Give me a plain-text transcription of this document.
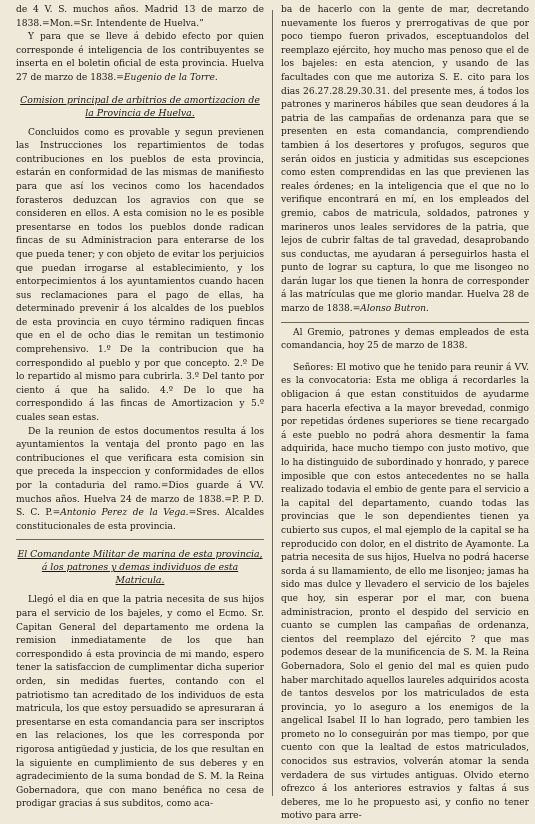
de 4 V. S. muchos años. Madrid 13 de marzo de 1838.=Mon.=Sr. Intendente de Huelva.”

Y para que se lleve á debido efecto por quien corresponde é inteligencia de los contribuyentes se inserta en el boletin oficial de esta provincia. Huelva 27 de marzo de 1838.=Eugenio de la Torre.

Comision principal de arbitrios de amortizacion de la Provincia de Huelva.

Concluidos como es provable y segun previenen las Instrucciones los repartimientos de todas contribuciones en los pueblos de esta provincia, estarán en conformidad de las mismas de manifiesto para que así los vecinos como los hacendados forasteros deduzcan los agravios con que se consideren en ellos. A esta comision no le es posible presentarse en todos los pueblos donde radican fincas de su Administracion para enterarse de los que pueda tener; y con objeto de evitar los perjuicios que puedan irrogarse al establecimiento, y los entorpecimientos á los ayuntamientos cuando hacen sus reclamaciones para el pago de ellas, ha determinado prevenir á los alcaldes de los pueblos de esta provincia en cuyo término radiquen fincas que en el de ocho dias le remitan un testimonio comprehensivo. 1.º De la contribucion que ha correspondido al pueblo y por que concepto. 2.º De lo repartido al mismo para cubrirla. 3.º Del tanto por ciento á que ha salido. 4.º De lo que ha correspondido á las fincas de Amortizacion y 5.º cuales sean estas.

De la reunion de estos documentos resulta á los ayuntamientos la ventaja del pronto pago en las contribuciones el que verificara esta comision sin que preceda la inspeccion y conformidades de ellos por la contaduria del ramo.=Dios guarde á VV. muchos años. Huelva 24 de marzo de 1838.=P. P. D. S. C. P.=Antonio Perez de la Vega.=Sres. Alcaldes constitucionales de esta provincia.

El Comandante Militar de marina de esta provincia, á los patrones y demas individuos de esta Matricula.

Llegó el dia en que la patria necesita de sus hijos para el servicio de los bajeles, y como el Ecmo. Sr. Capitan General del departamento me ordena la remision inmediatamente de los que han correspondido á esta provincia de mi mando, espero tener la satisfaccion de cumplimentar dicha superior orden, sin medidas fuertes, contando con el patriotismo tan acreditado de los individuos de esta matricula, los que estoy persuadido se apresuraran á presentarse en esta comandancia para ser inscriptos en las relaciones, los que les corresponda por rigorosa antigüedad y justicia, de los que resultan en la siguiente en cumplimiento de sus deberes y en agradecimiento de la suma bondad de S. M. la Reina Gobernadora, que con mano benéfica no cesa de prodigar gracias á sus subditos, como aca-

ba de hacerlo con la gente de mar, decretando nuevamente los fueros y prerrogativas de que por poco tiempo fueron privados, esceptuandolos del reemplazo ejército, hoy mucho mas penoso que el de los bajeles: en esta atencion, y usando de las facultades con que me autoriza S. E. cito para los dias 26.27.28.29.30.31. del presente mes, á todos los patrones y marineros hábiles que sean deudores á la patria de las campañas de ordenanza para que se presenten en esta comandancia, comprendiendo tambien á los desertores y profugos, seguros que serán oidos en justicia y admitidas sus escepciones como esten comprendidas en las que previenen las reales órdenes; en la inteligencia que el que no lo verifique encontrará en mí, en los empleados del gremio, cabos de matricula, soldados, patrones y marineros unos leales servidores de la patria, que lejos de cubrir faltas de tal gravedad, desaprobando sus conductas, me ayudaran á perseguirlos hasta el punto de lograr su captura, lo que me lisongeo no darán lugar los que tienen la honra de corresponder á las matrículas que me glorio mandar. Huelva 28 de marzo de 1838.=Alonso Butron.

Al Gremio, patrones y demas empleados de esta comandancia, hoy 25 de marzo de 1838.

Señores: El motivo que he tenido para reunir á VV. es la convocatoria: Esta me obliga á recordarles la obligacion á que estan constituidos de ayudarme para hacerla efectiva a la mayor brevedad, conmigo por repetidas órdenes superiores se tiene recargado á este pueblo no podrá ahora desmentir la fama adquirida, hace mucho tiempo con justo motivo, que lo ha distinguido de subordinado y honrado, y parece imposible que con estos antecedentes no se halla realizado todavia el embio de gente para el servicio a la capital del departamento, cuando todas las provincias que le son dependientes tienen ya cubierto sus cupos, el mal ejemplo de la capital se ha reproducido con dolor, en el distrito de Ayamonte. La patria necesita de sus hijos, Huelva no podrá hacerse sorda á su llamamiento, de ello me lisonjeo; jamas ha sido mas dulce y llevadero el servicio de los bajeles que hoy, sin esperar por el mar, con buena administracion, pronto el despido del servicio en cuanto se cumplen las campañas de ordenanza, cientos del reemplazo del ejército ? que mas podemos desear de la munificencia de S. M. la Reina Gobernadora, Solo el genio del mal es quien pudo haber marchitado aquellos laureles adquiridos acosta de tantos desvelos por los matriculados de esta provincia, yo lo aseguro a los enemigos de la angelical Isabel II lo han logrado, pero tambien les prometo no lo conseguirán por mas tiempo, por que cuento con que la lealtad de estos matriculados, conocidos sus estravios, volverán atomar la senda verdadera de sus virtudes antiguas. Olvido eterno ofrezco á los anteriores estravios y faltas á sus deberes, me lo he propuesto asi, y confio no tener motivo para arre-
